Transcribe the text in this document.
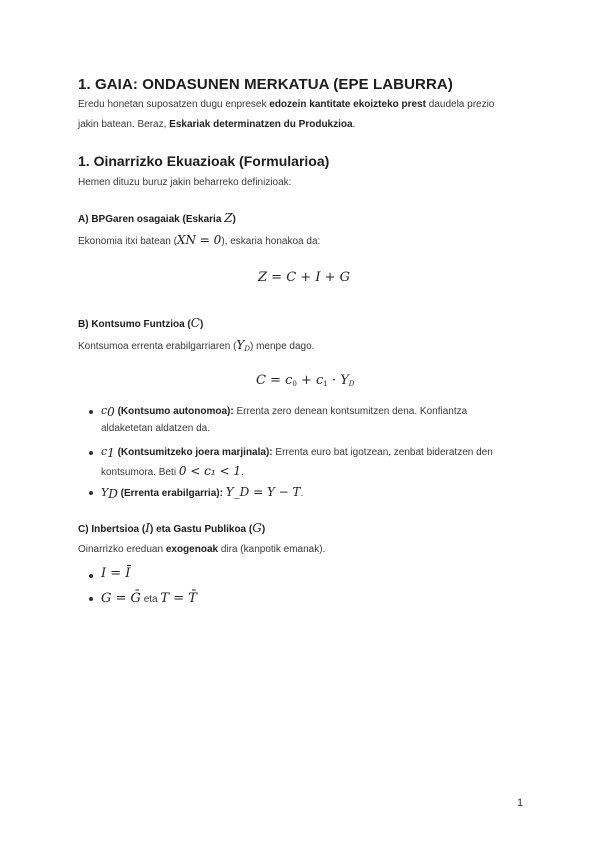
1. GAIA: ONDASUNEN MERKATUA (EPE LABURRA)
Eredu honetan suposatzen dugu enpresek edozein kantitate ekoizteko prest daudela prezio
jakin batean. Beraz, Eskariak determinatzen du Produkzioa.
1. Oinarrizko Ekuazioak (Formularioa)
Hemen dituzu buruz jakin beharreko definizioak:
A) BPGaren osagaiak (Eskaria Z)
Ekonomia itxi batean (XN = 0), eskaria honakoa da:
Z = C + I + G
B) Kontsumo Funtzioa (C)
Kontsumoa errenta erabilgarriaren $(Y_D)$ menpe dago.
$C = c_0 + c_1 \cdot Y_D$
$c_0$ (Kontsumo autonomoa): Errenta zero denean kontsumitzen dena. Konfiantza
aldaketetan aldatzen da.
$c_1$ (Kontsumitzeko joera marjinala): Errenta euro bat igotzean, zenbat bideratzen den
kontsumora. Beti 0 < c₁ < 1.
$Y_D$ (Errenta erabilgarria): Y_D = Y − T.
C) Inbertsioa (I) eta Gastu Publikoa (G)
Oinarrizko ereduan exogenoak dira (kanpotik emanak).
I = Ī
G = Ḡ eta T = T̄
1
